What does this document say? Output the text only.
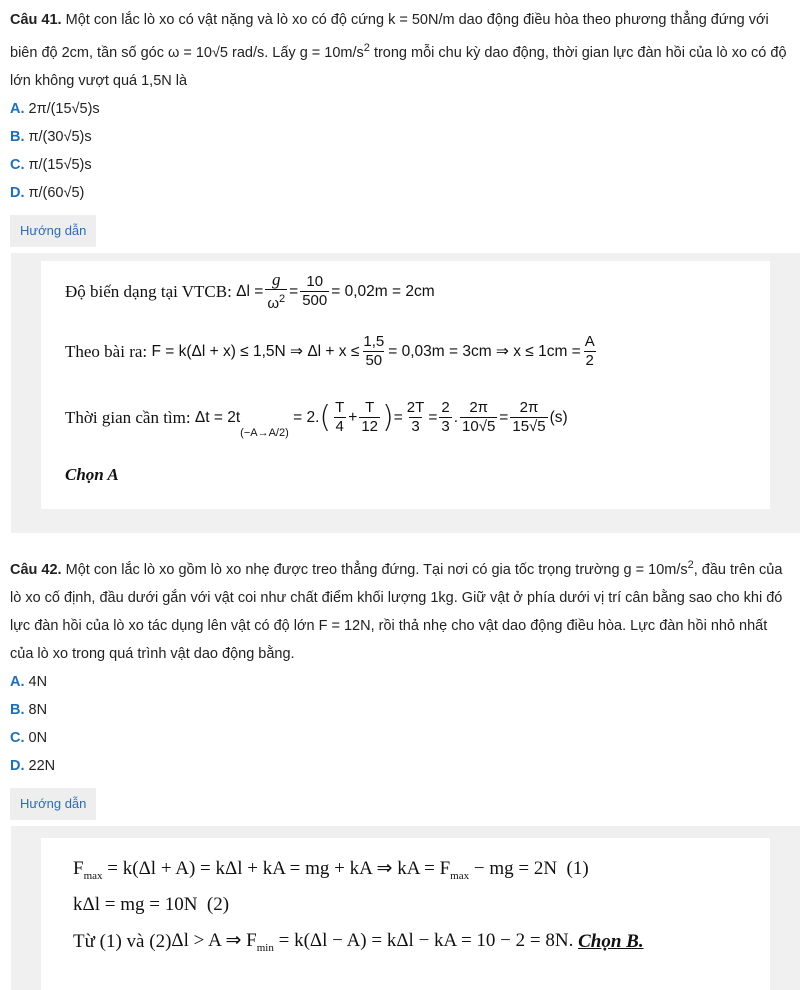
Câu 41. Một con lắc lò xo có vật nặng và lò xo có độ cứng k = 50N/m dao động điều hòa theo phương thẳng đứng với biên độ 2cm, tần số góc ω = 10√5 rad/s. Lấy $g = 10m/s^2$ trong mỗi chu kỳ dao động, thời gian lực đàn hồi của lò xo có độ lớn không vượt quá 1,5N là

A. 2π/(15√5)s
B. π/(30√5)s
C. π/(15√5)s
D. π/(60√5)
Hướng dẫn
Độ biến dạng tại VTCB: $\Delta l = \frac{g}{\omega^2} = \frac{10}{500} = 0,02m = 2cm$
Theo bài ra: F = k(Δl + x) ≤ 1,5N ⇒ $\Delta l + x \le \frac{1,5}{50} = 0,03m = 3cm$ ⇒ $x \le 1cm = \frac{A}{2}$
Thời gian cần tìm: Δt = 2t
(−A→A/2)
= 2. ( $\frac{T}{4} + \frac{T}{12}$ ) = $\frac{2T}{3} = \frac{2}{3}$ . $\frac{2\pi}{10√5} = \frac{2\pi}{15√5} (s)$
Chọn A

Câu 42. Một con lắc lò xo gồm lò xo nhẹ được treo thẳng đứng. Tại nơi có gia tốc trọng trường $g = 10m/s^2$, đầu trên của lò xo cố định, đầu dưới gắn với vật coi như chất điểm khối lượng 1kg. Giữ vật ở phía dưới vị trí cân bằng sao cho khi đó lực đàn hồi của lò xo tác dụng lên vật có độ lớn F = 12N, rồi thả nhẹ cho vật dao động điều hòa. Lực đàn hồi nhỏ nhất của lò xo trong quá trình vật dao động bằng.

A. 4N
B. 8N
C. 0N
D. 22N
Hướng dẫn
$F_{max} = k(\Delta l + A) = k\Delta l$ + kA = mg + kA ⇒ kA = $F_{max}$ − mg = 2N  (1)
kΔl = mg = 10N  (2)
Từ (1) và (2) Δl > A ⇒ $F_{min} = k(\Delta l - A) = k\Delta l$ − kA = 10 − 2 = 8N. Chọn B.
